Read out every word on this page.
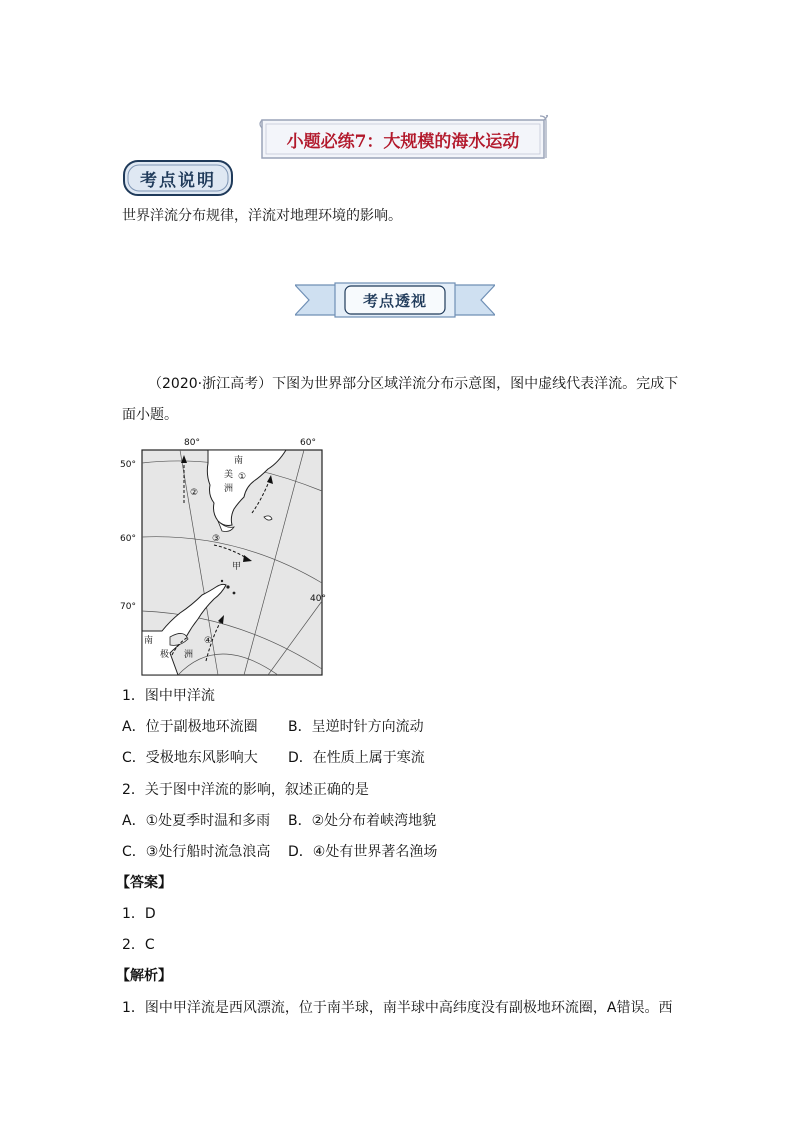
小题必练7：大规模的海水运动
考点说明
世界洋流分布规律，洋流对地理环境的影响。
考点透视
（2020·浙江高考）下图为世界部分区域洋流分布示意图，图中虚线代表洋流。完成下
面小题。
80°	60°
40°
50°
60°
70°
南
美
洲
南
极 洲
甲
①
②
③
④
1．图中甲洋流
A．位于副极地环流圈 B．呈逆时针方向流动
C．受极地东风影响大 D．在性质上属于寒流
2．关于图中洋流的影响，叙述正确的是
A．①处夏季时温和多雨 B．②处分布着峡湾地貌
C．③处行船时流急浪高 D．④处有世界著名渔场
【答案】
1．D
2．C
【解析】
1．图中甲洋流是西风漂流，位于南半球，南半球中高纬度没有副极地环流圈，A错误。西
